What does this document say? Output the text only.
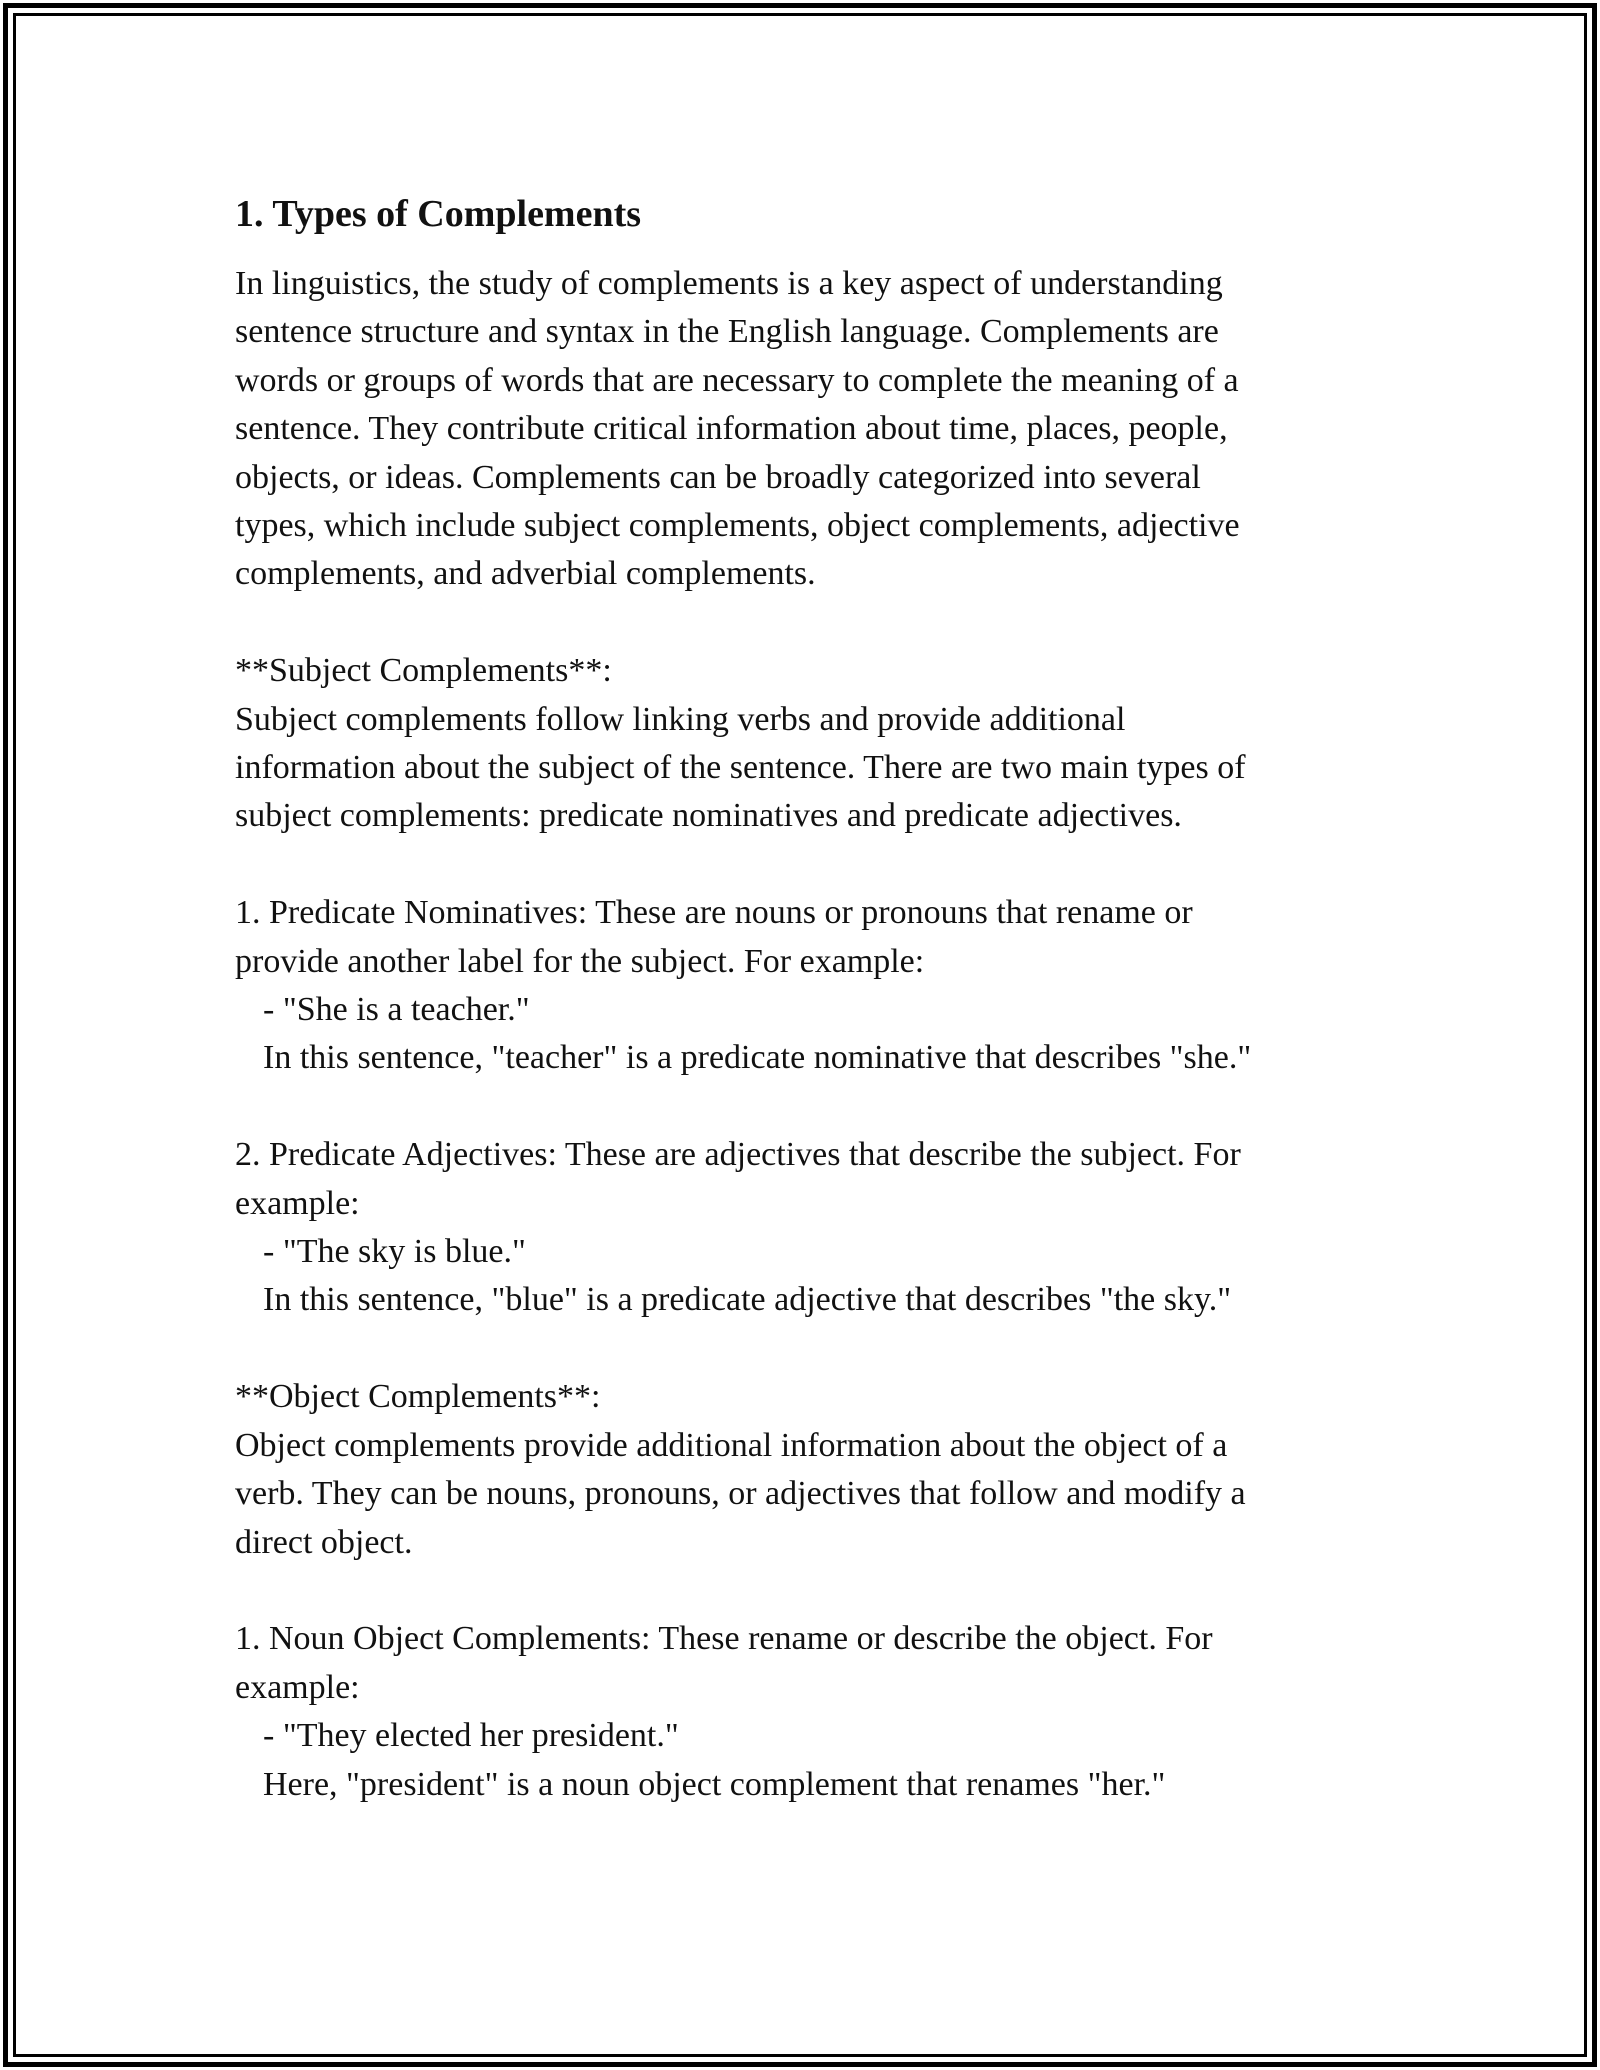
1. Types of Complements
In linguistics, the study of complements is a key aspect of understanding
sentence structure and syntax in the English language. Complements are
words or groups of words that are necessary to complete the meaning of a
sentence. They contribute critical information about time, places, people,
objects, or ideas. Complements can be broadly categorized into several
types, which include subject complements, object complements, adjective
complements, and adverbial complements.
**Subject Complements**:
Subject complements follow linking verbs and provide additional
information about the subject of the sentence. There are two main types of
subject complements: predicate nominatives and predicate adjectives.
1. Predicate Nominatives: These are nouns or pronouns that rename or
provide another label for the subject. For example:
- "She is a teacher."
In this sentence, "teacher" is a predicate nominative that describes "she."
2. Predicate Adjectives: These are adjectives that describe the subject. For
example:
- "The sky is blue."
In this sentence, "blue" is a predicate adjective that describes "the sky."
**Object Complements**:
Object complements provide additional information about the object of a
verb. They can be nouns, pronouns, or adjectives that follow and modify a
direct object.
1. Noun Object Complements: These rename or describe the object. For
example:
- "They elected her president."
Here, "president" is a noun object complement that renames "her."
